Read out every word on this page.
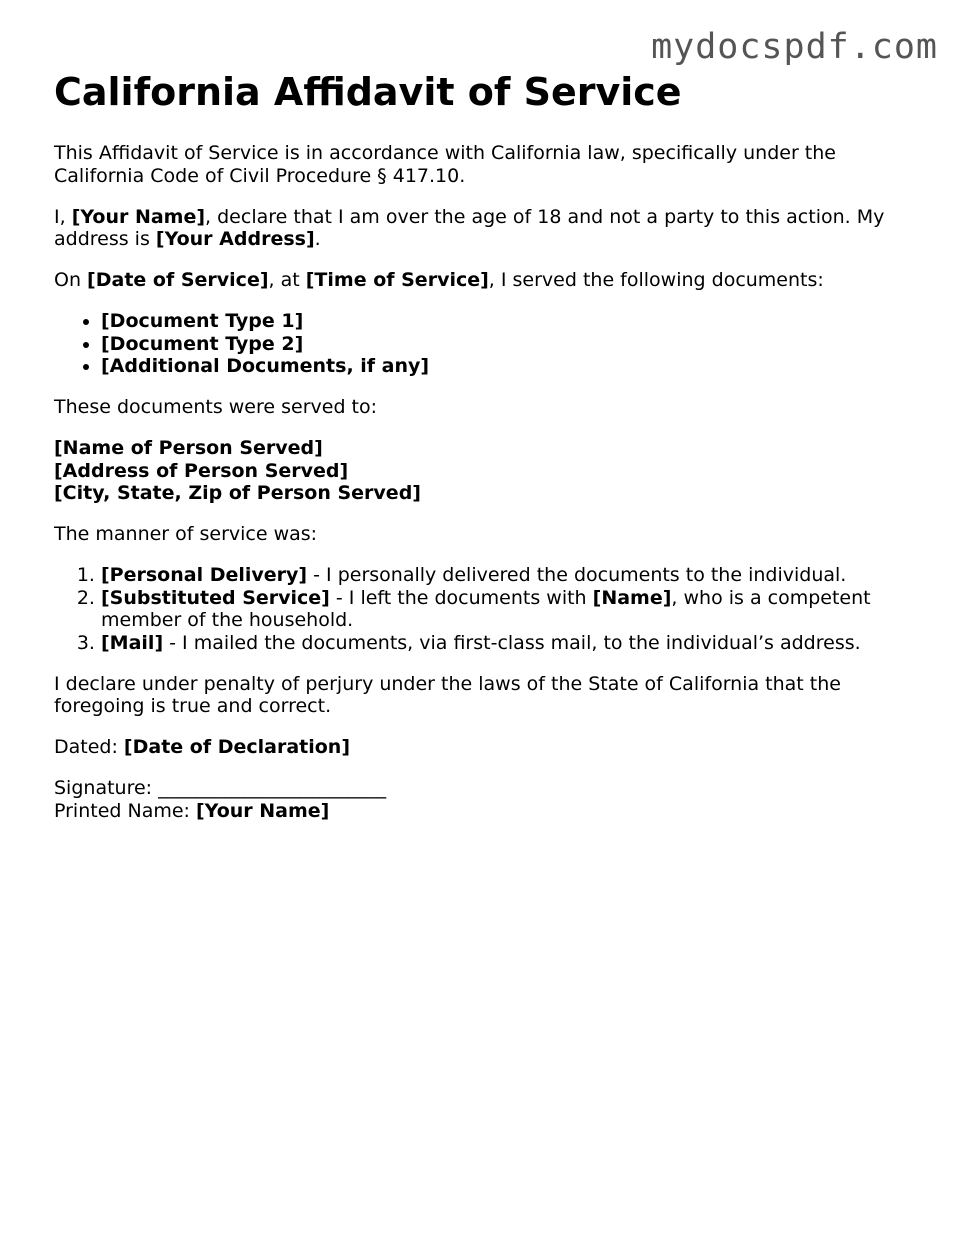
mydocspdf.com
California Affidavit of Service

This Affidavit of Service is in accordance with California law, specifically under the California Code of Civil Procedure § 417.10.

I, [Your Name], declare that I am over the age of 18 and not a party to this action. My address is [Your Address].

On [Date of Service], at [Time of Service], I served the following documents:

• [Document Type 1]
• [Document Type 2]
• [Additional Documents, if any]

These documents were served to:

[Name of Person Served]
[Address of Person Served]
[City, State, Zip of Person Served]

The manner of service was:

1. [Personal Delivery] - I personally delivered the documents to the individual.
2. [Substituted Service] - I left the documents with [Name], who is a competent member of the household.
3. [Mail] - I mailed the documents, via first-class mail, to the individual’s address.

I declare under penalty of perjury under the laws of the State of California that the foregoing is true and correct.

Dated: [Date of Declaration]

Signature: ________________________
Printed Name: [Your Name]
